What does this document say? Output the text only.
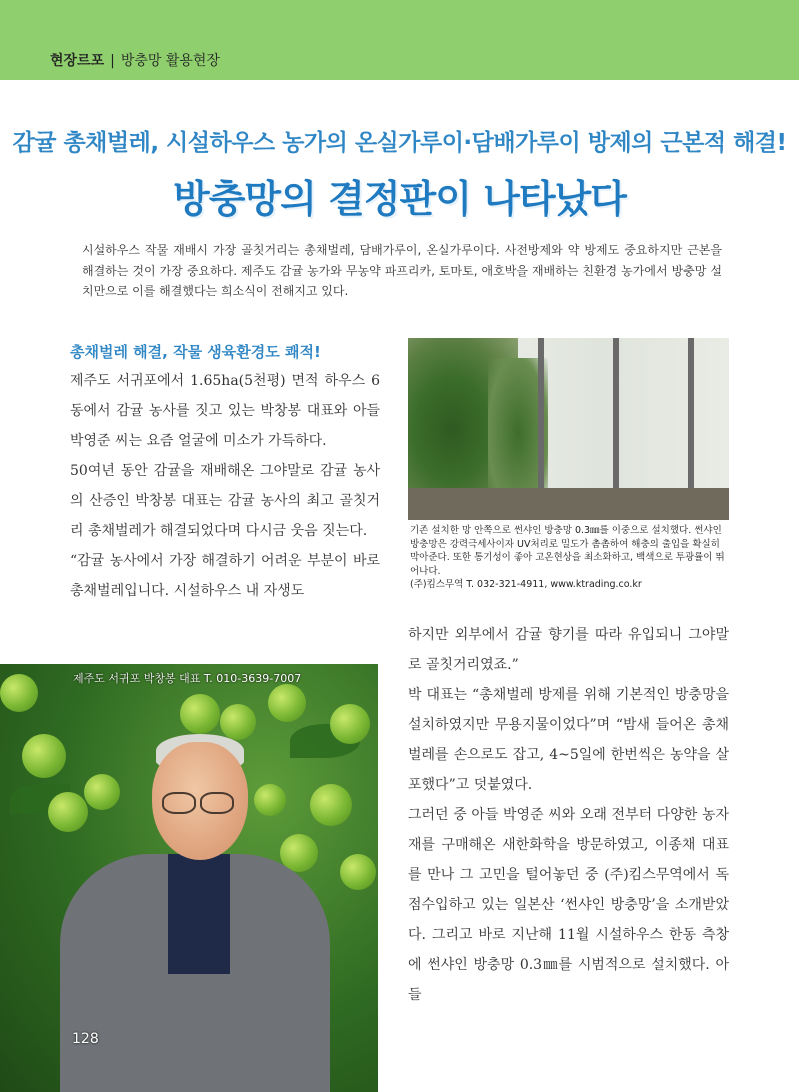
현장르포 | 방충망 활용현장
감귤 총채벌레, 시설하우스 농가의 온실가루이·담배가루이 방제의 근본적 해결!
방충망의 결정판이 나타났다
시설하우스 작물 재배시 가장 골칫거리는 총채벌레, 담배가루이, 온실가루이다. 사전방제와 약 방제도 중요하지만 근본을 해결하는 것이 가장 중요하다. 제주도 감귤 농가와 무농약 파프리카, 토마토, 애호박을 재배하는 친환경 농가에서 방충망 설치만으로 이를 해결했다는 희소식이 전해지고 있다.
총채벌레 해결, 작물 생육환경도 쾌적!

제주도 서귀포에서 1.65ha(5천평) 면적 하우스 6동에서 감귤 농사를 짓고 있는 박창봉 대표와 아들 박영준 씨는 요즘 얼굴에 미소가 가득하다.

50여년 동안 감귤을 재배해온 그야말로 감귤 농사의 산증인 박창봉 대표는 감귤 농사의 최고 골칫거리 총채벌레가 해결되었다며 다시금 웃음 짓는다.

“감귤 농사에서 가장 해결하기 어려운 부분이 바로 총채벌레입니다. 시설하우스 내 자생도

기존 설치한 망 안쪽으로 썬샤인 방충망 0.3㎜를 이중으로 설치했다. 썬샤인 방충망은 강력극세사이자 UV처리로 밀도가 촘촘하여 해충의 출입을 확실히 막아준다. 또한 통기성이 좋아 고온현상을 최소화하고, 백색으로 투광률이 뛰어나다.

(주)킴스무역 T. 032-321-4911, www.ktrading.co.kr

하지만 외부에서 감귤 향기를 따라 유입되니 그야말로 골칫거리였죠.”

박 대표는 “총채벌레 방제를 위해 기본적인 방충망을 설치하였지만 무용지물이었다”며 “밤새 들어온 총채벌레를 손으로도 잡고, 4~5일에 한번씩은 농약을 살포했다”고 덧붙였다.

그러던 중 아들 박영준 씨와 오래 전부터 다양한 농자재를 구매해온 새한화학을 방문하였고, 이종채 대표를 만나 그 고민을 털어놓던 중 (주)킴스무역에서 독점수입하고 있는 일본산 ‘썬샤인 방충망’을 소개받았다. 그리고 바로 지난해 11월 시설하우스 한동 측창에 썬샤인 방충망 0.3㎜를 시범적으로 설치했다. 아들

제주도 서귀포 박창봉 대표 T. 010-3639-7007
128
